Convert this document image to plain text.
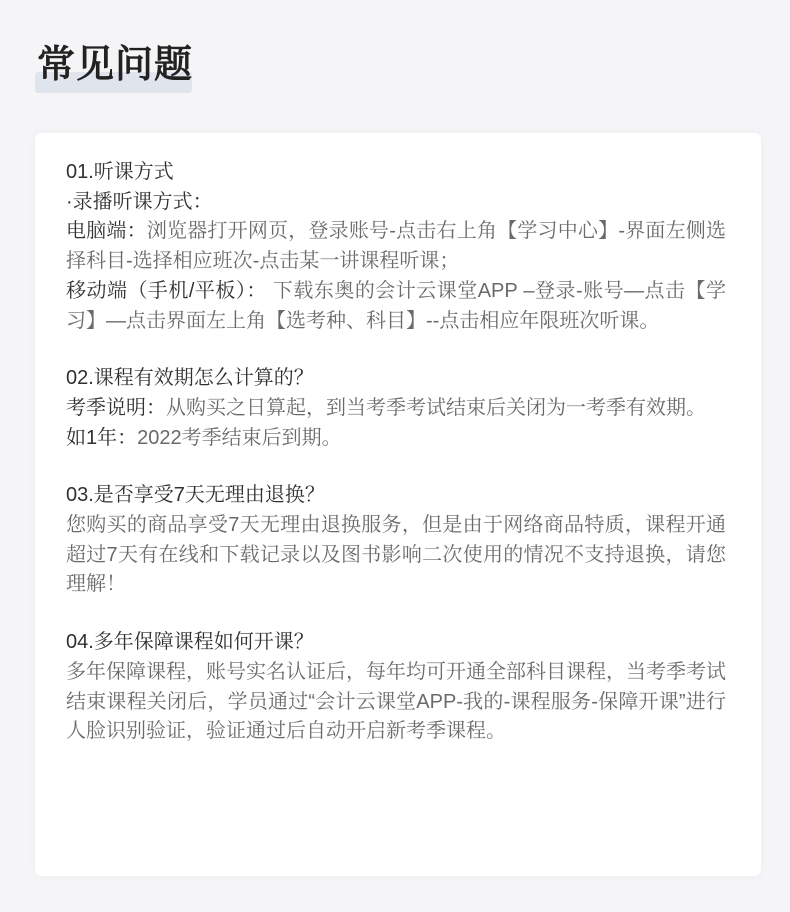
常见问题

01.听课方式

·录播听课方式：

电脑端：浏览器打开网页，登录账号-点击右上角【学习中心】-界面左侧选择科目-选择相应班次-点击某一讲课程听课；

移动端（手机/平板）： 下载东奥的会计云课堂APP –登录-账号—点击【学习】—点击界面左上角【选考种、科目】--点击相应年限班次听课。

02.课程有效期怎么计算的？

考季说明：从购买之日算起，到当考季考试结束后关闭为一考季有效期。

如1年：2022考季结束后到期。

03.是否享受7天无理由退换？

您购买的商品享受7天无理由退换服务，但是由于网络商品特质，课程开通超过7天有在线和下载记录以及图书影响二次使用的情况不支持退换，请您理解！

04.多年保障课程如何开课？

多年保障课程，账号实名认证后，每年均可开通全部科目课程，当考季考试结束课程关闭后，学员通过“会计云课堂APP-我的-课程服务-保障开课”进行人脸识别验证，验证通过后自动开启新考季课程。
